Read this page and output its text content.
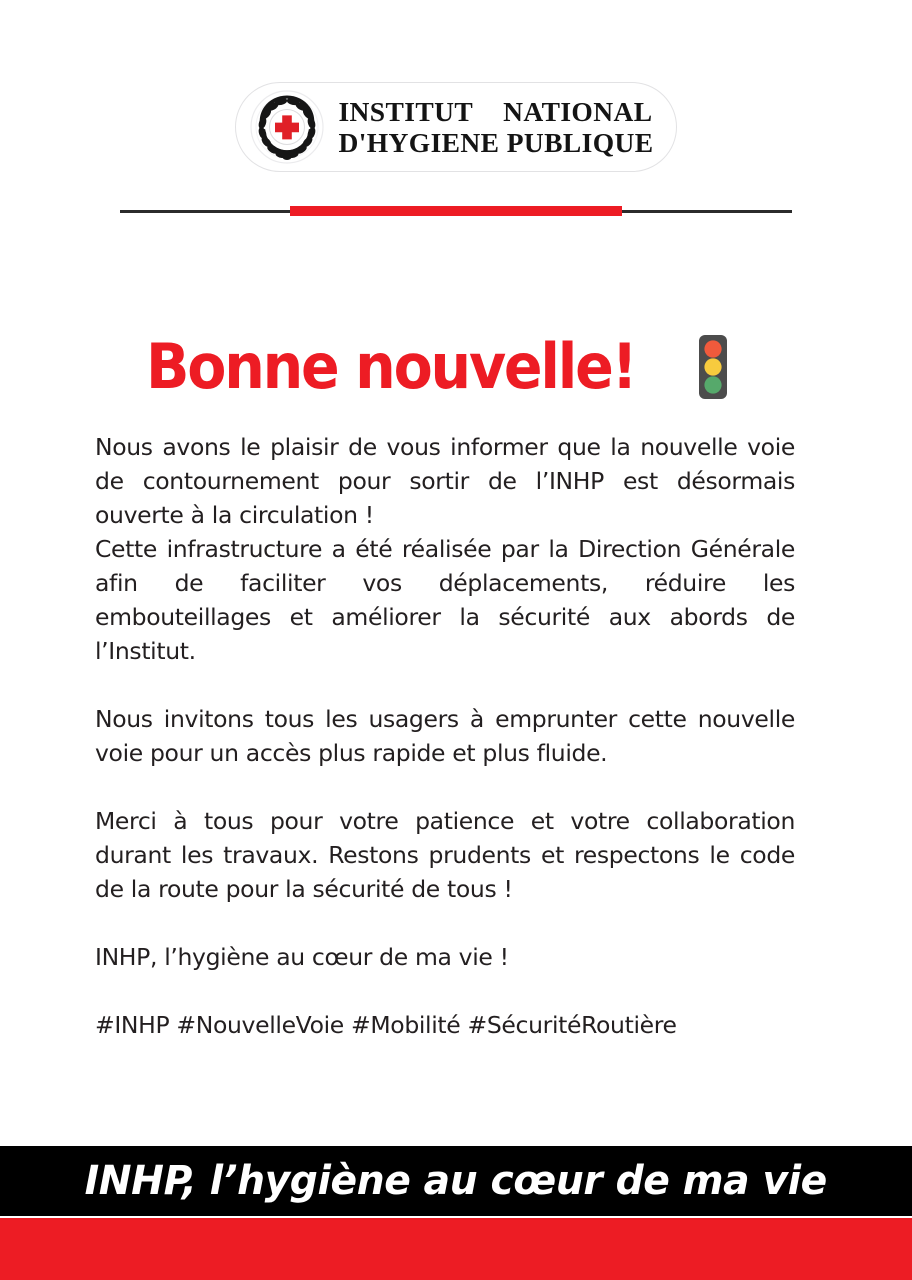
INSTITUT NATIONAL
D'HYGIENE PUBLIQUE
Bonne nouvelle!

Nous avons le plaisir de vous informer que la nouvelle voie de contournement pour sortir de l’INHP est désormais ouverte à la circulation !

Cette infrastructure a été réalisée par la Direction Générale afin de faciliter vos déplacements, réduire les embouteillages et améliorer la sécurité aux abords de l’Institut.

Nous invitons tous les usagers à emprunter cette nouvelle voie pour un accès plus rapide et plus fluide.

Merci à tous pour votre patience et votre collaboration durant les travaux. Restons prudents et respectons le code de la route pour la sécurité de tous !

INHP, l’hygiène au cœur de ma vie !

#INHP #NouvelleVoie #Mobilité #SécuritéRoutière

INHP, l’hygiène au cœur de ma vie
